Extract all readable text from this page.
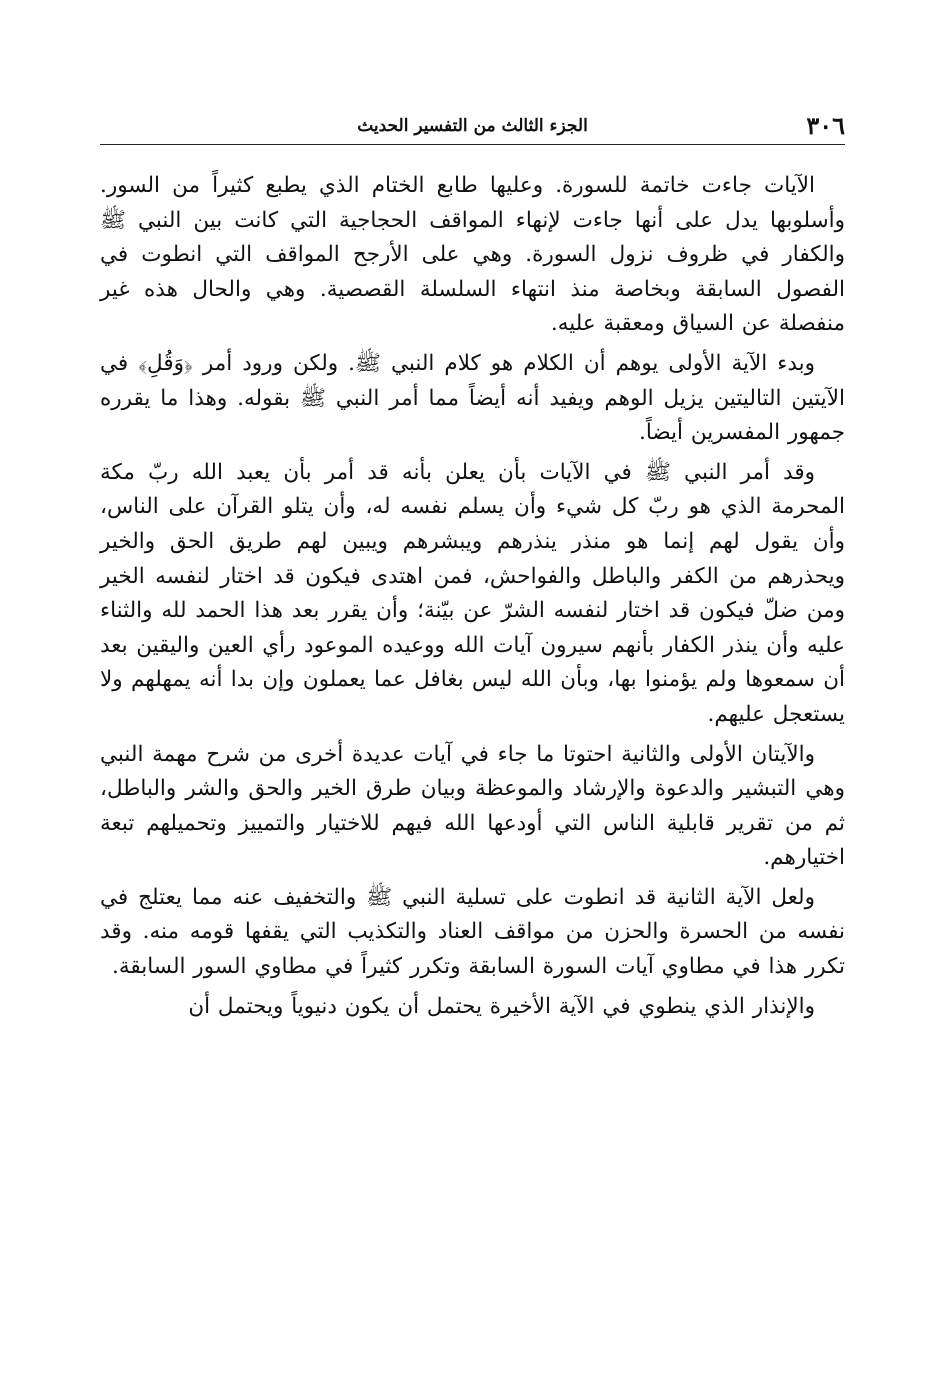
٣٠٦
الجزء الثالث من التفسير الحديث

الآيات جاءت خاتمة للسورة. وعليها طابع الختام الذي يطبع كثيراً من السور. وأسلوبها يدل على أنها جاءت لإنهاء المواقف الحجاجية التي كانت بين النبي ﷺ والكفار في ظروف نزول السورة. وهي على الأرجح المواقف التي انطوت في الفصول السابقة وبخاصة منذ انتهاء السلسلة القصصية. وهي والحال هذه غير منفصلة عن السياق ومعقبة عليه.

وبدء الآية الأولى يوهم أن الكلام هو كلام النبي ﷺ. ولكن ورود أمر ﴿وَقُلِ﴾ في الآيتين التاليتين يزيل الوهم ويفيد أنه أيضاً مما أمر النبي ﷺ بقوله. وهذا ما يقرره جمهور المفسرين أيضاً.

وقد أمر النبي ﷺ في الآيات بأن يعلن بأنه قد أمر بأن يعبد الله ربّ مكة المحرمة الذي هو ربّ كل شيء وأن يسلم نفسه له، وأن يتلو القرآن على الناس، وأن يقول لهم إنما هو منذر ينذرهم ويبشرهم ويبين لهم طريق الحق والخير ويحذرهم من الكفر والباطل والفواحش، فمن اهتدى فيكون قد اختار لنفسه الخير ومن ضلّ فيكون قد اختار لنفسه الشرّ عن بيّنة؛ وأن يقرر بعد هذا الحمد لله والثناء عليه وأن ينذر الكفار بأنهم سيرون آيات الله ووعيده الموعود رأي العين واليقين بعد أن سمعوها ولم يؤمنوا بها، وبأن الله ليس بغافل عما يعملون وإن بدا أنه يمهلهم ولا يستعجل عليهم.

والآيتان الأولى والثانية احتوتا ما جاء في آيات عديدة أخرى من شرح مهمة النبي وهي التبشير والدعوة والإرشاد والموعظة وبيان طرق الخير والحق والشر والباطل، ثم من تقرير قابلية الناس التي أودعها الله فيهم للاختيار والتمييز وتحميلهم تبعة اختيارهم.

ولعل الآية الثانية قد انطوت على تسلية النبي ﷺ والتخفيف عنه مما يعتلج في نفسه من الحسرة والحزن من مواقف العناد والتكذيب التي يقفها قومه منه. وقد تكرر هذا في مطاوي آيات السورة السابقة وتكرر كثيراً في مطاوي السور السابقة.

والإنذار الذي ينطوي في الآية الأخيرة يحتمل أن يكون دنيوياً ويحتمل أن
